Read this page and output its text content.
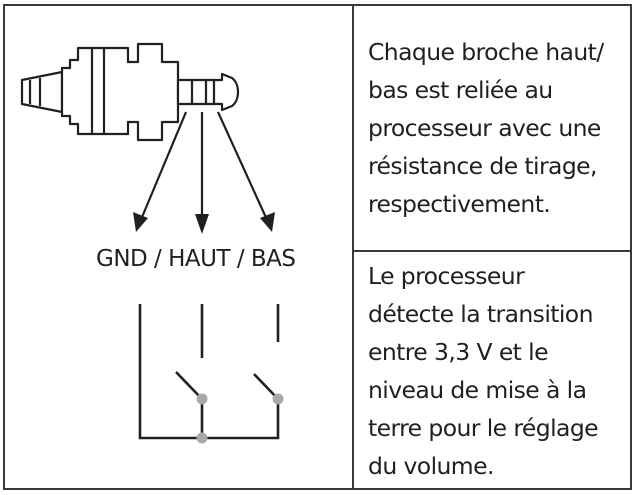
GND / HAUT / BAS
Chaque broche haut/
bas est reliée au
processeur avec une
résistance de tirage,
respectivement.
Le processeur
détecte la transition
entre 3,3 V et le
niveau de mise à la
terre pour le réglage
du volume.
